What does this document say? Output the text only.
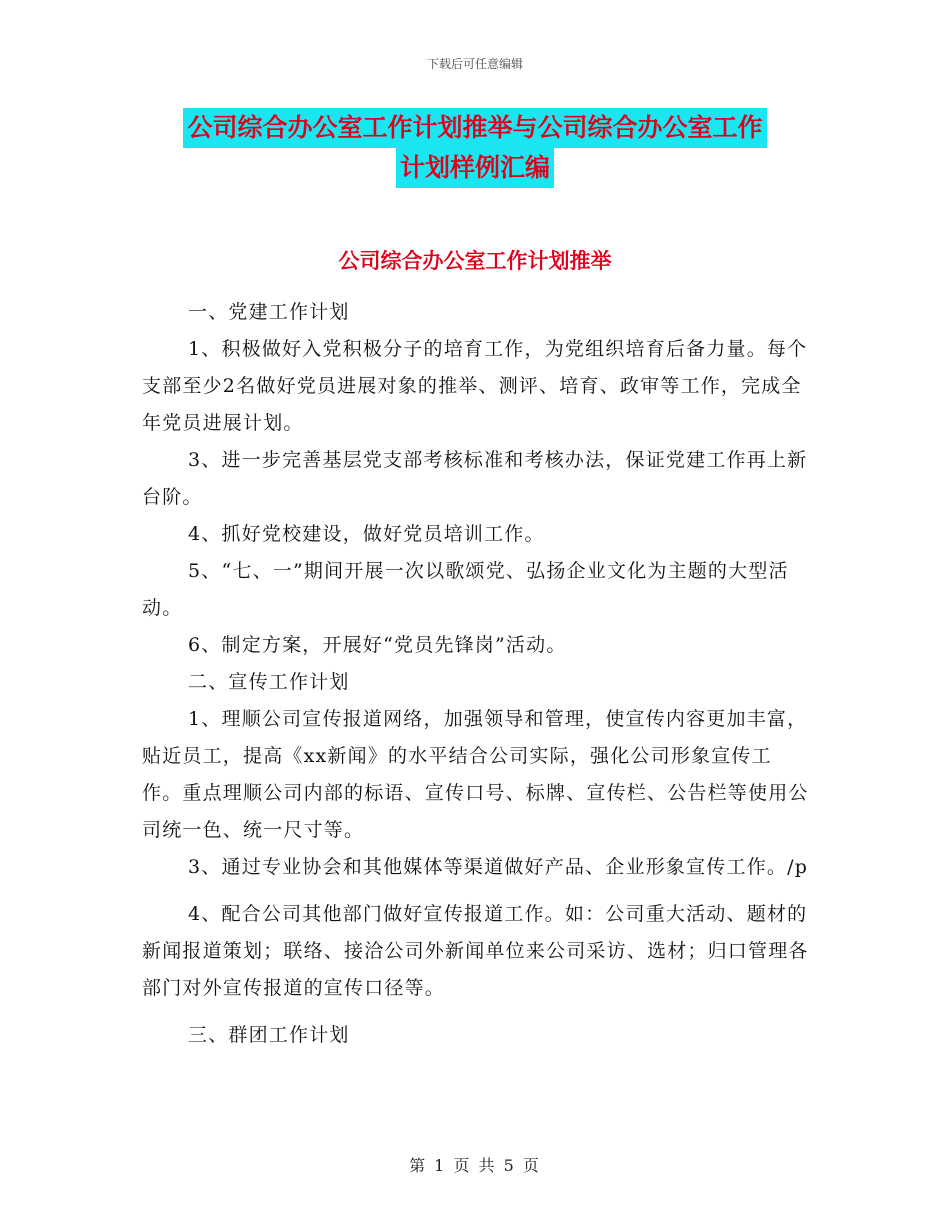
下载后可任意编辑
公司综合办公室工作计划推举与公司综合办公室工作
计划样例汇编
公司综合办公室工作计划推举

一、党建工作计划

1、积极做好入党积极分子的培育工作，为党组织培育后备力量。每个支部至少2名做好党员进展对象的推举、测评、培育、政审等工作，完成全年党员进展计划。

3、进一步完善基层党支部考核标准和考核办法，保证党建工作再上新台阶。

4、抓好党校建设，做好党员培训工作。

5、“七、一”期间开展一次以歌颂党、弘扬企业文化为主题的大型活动。

6、制定方案，开展好“党员先锋岗”活动。

二、宣传工作计划

1、理顺公司宣传报道网络，加强领导和管理，使宣传内容更加丰富，贴近员工，提高《xx新闻》的水平结合公司实际，强化公司形象宣传工作。重点理顺公司内部的标语、宣传口号、标牌、宣传栏、公告栏等使用公司统一色、统一尺寸等。

3、通过专业协会和其他媒体等渠道做好产品、企业形象宣传工作。/p

4、配合公司其他部门做好宣传报道工作。如：公司重大活动、题材的新闻报道策划；联络、接洽公司外新闻单位来公司采访、选材；归口管理各部门对外宣传报道的宣传口径等。

三、群团工作计划

第 1 页 共 5 页
